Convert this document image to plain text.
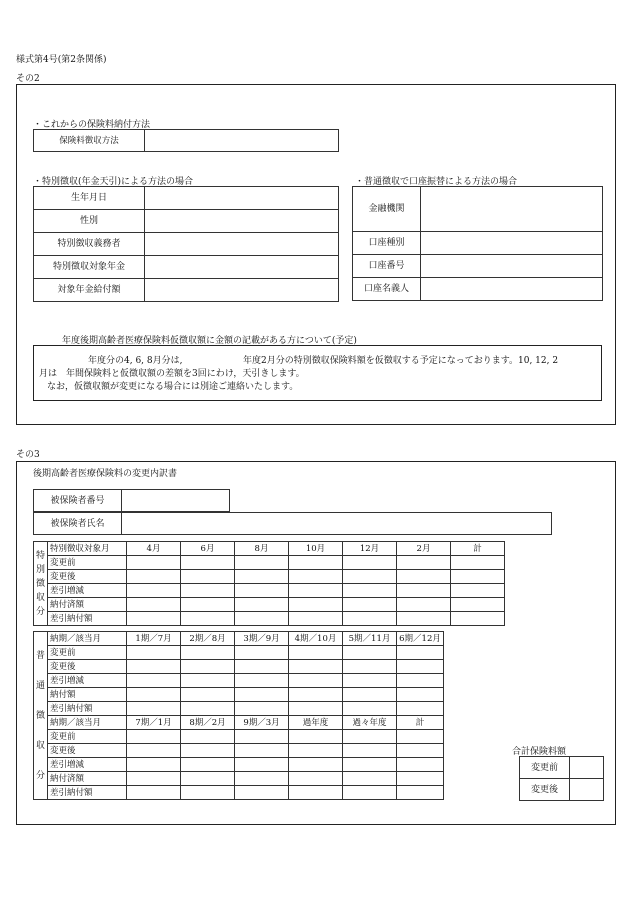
様式第4号(第2条関係)
その2
・これからの保険料納付方法
保険料徴収方法	
・特別徴収(年金天引)による方法の場合
生年月日	
性別	
特別徴収義務者	
特別徴収対象年金	
対象年金給付額	
・普通徴収で口座振替による方法の場合
金融機関	
口座種別	
口座番号	
口座名義人	
年度後期高齢者医療保険料仮徴収額に金額の記載がある方について(予定)
年度分の4, 6, 8月分は,	年度2月分の特別徴収保険料額を仮徴収する予定になっております。10, 12, 2
月は　年間保険料と仮徴収額の差額を3回にわけ，天引きします。
なお，仮徴収額が変更になる場合には別途ご連絡いたします。
その3
後期高齢者医療保険料の変更内訳書
被保険者番号	
被保険者氏名	
特
別
徴
収
分	特別徴収対象月	4月	6月	8月	10月	12月	2月	計
	変更前							
	変更後							
	差引増減							
	納付済額							
	差引納付額							
普
通
徴
収
分	納期／該当月	1期／7月	2期／8月	3期／9月	4期／10月	5期／11月	6期／12月
	変更前						
	変更後						
	差引増減						
	納付額						
	差引納付額						
	納期／該当月	7期／1月	8期／2月	9期／3月	過年度	過々年度	計
	変更前						
	変更後						
	差引増減						
	納付済額						
	差引納付額						
合計保険料額
変更前	
変更後	
